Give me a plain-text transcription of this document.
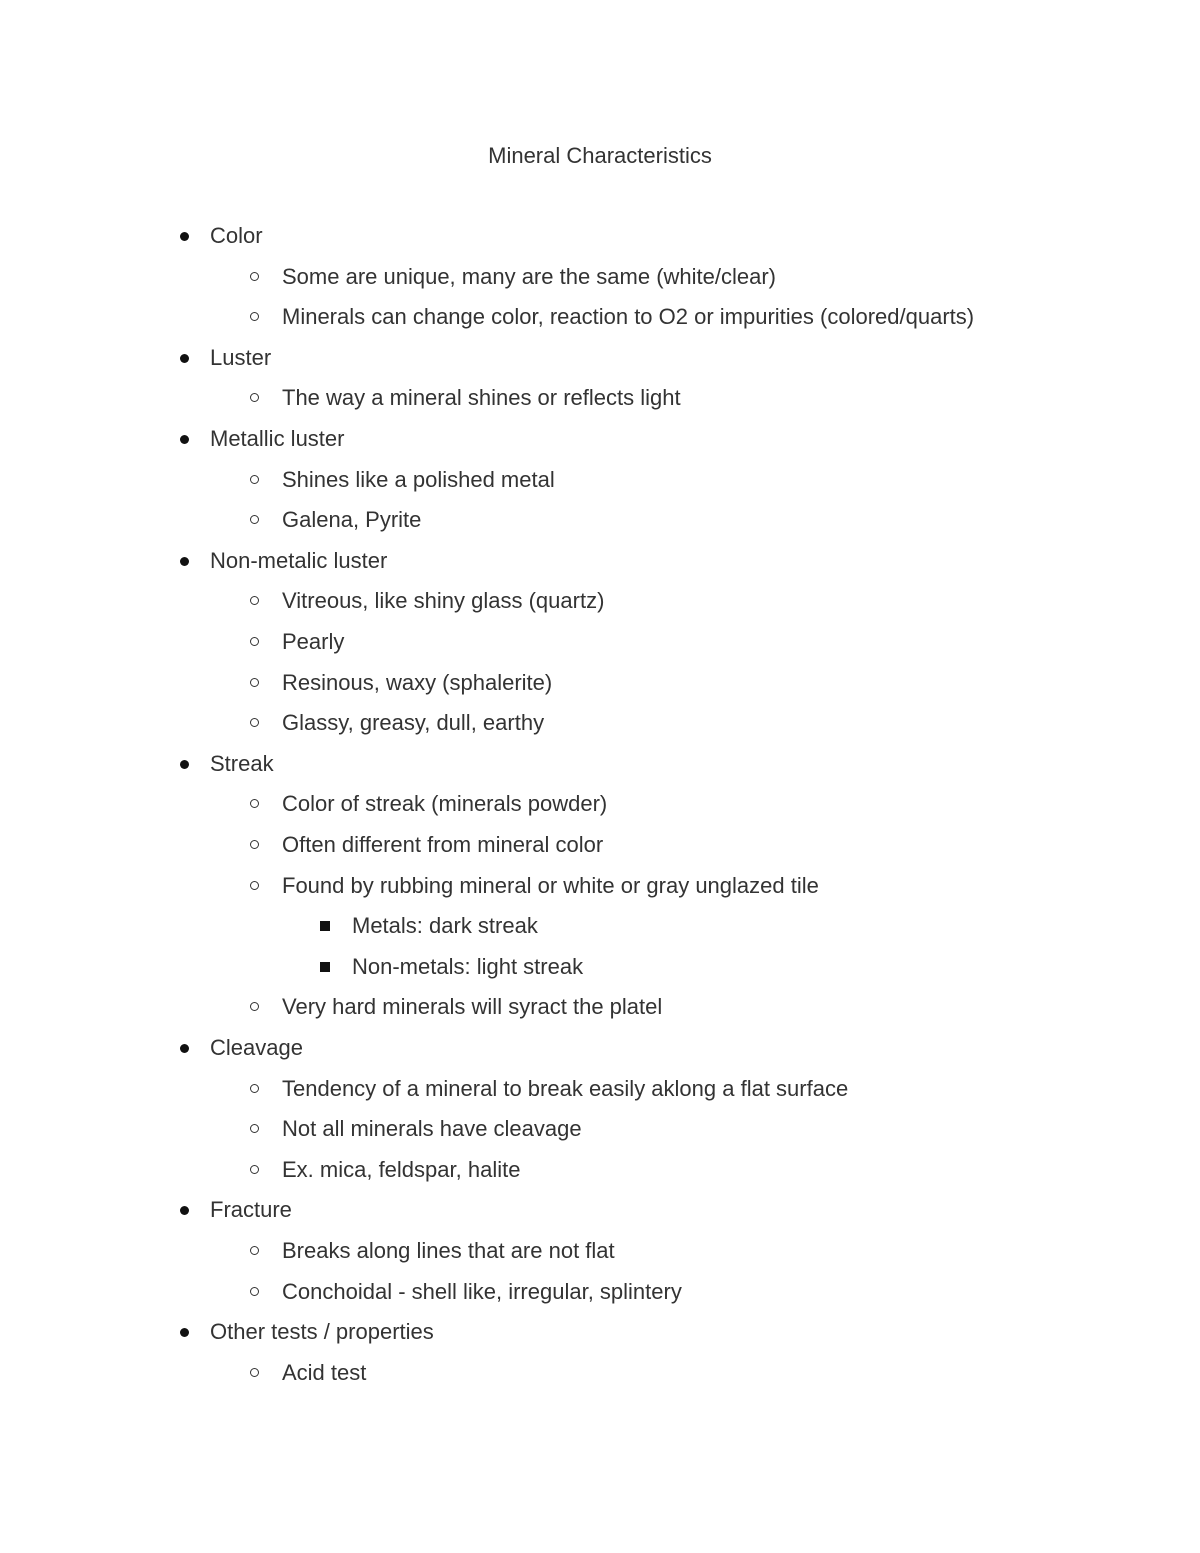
Mineral Characteristics
Color
Some are unique, many are the same (white/clear)
Minerals can change color, reaction to O2 or impurities (colored/quarts)
Luster
The way a mineral shines or reflects light
Metallic luster
Shines like a polished metal
Galena, Pyrite
Non-metalic luster
Vitreous, like shiny glass (quartz)
Pearly
Resinous, waxy (sphalerite)
Glassy, greasy, dull, earthy
Streak
Color of streak (minerals powder)
Often different from mineral color
Found by rubbing mineral or white or gray unglazed tile
Metals: dark streak
Non-metals: light streak
Very hard minerals will syract the platel
Cleavage
Tendency of a mineral to break easily aklong a flat surface
Not all minerals have cleavage
Ex. mica, feldspar, halite
Fracture
Breaks along lines that are not flat
Conchoidal - shell like, irregular, splintery
Other tests / properties
Acid test
